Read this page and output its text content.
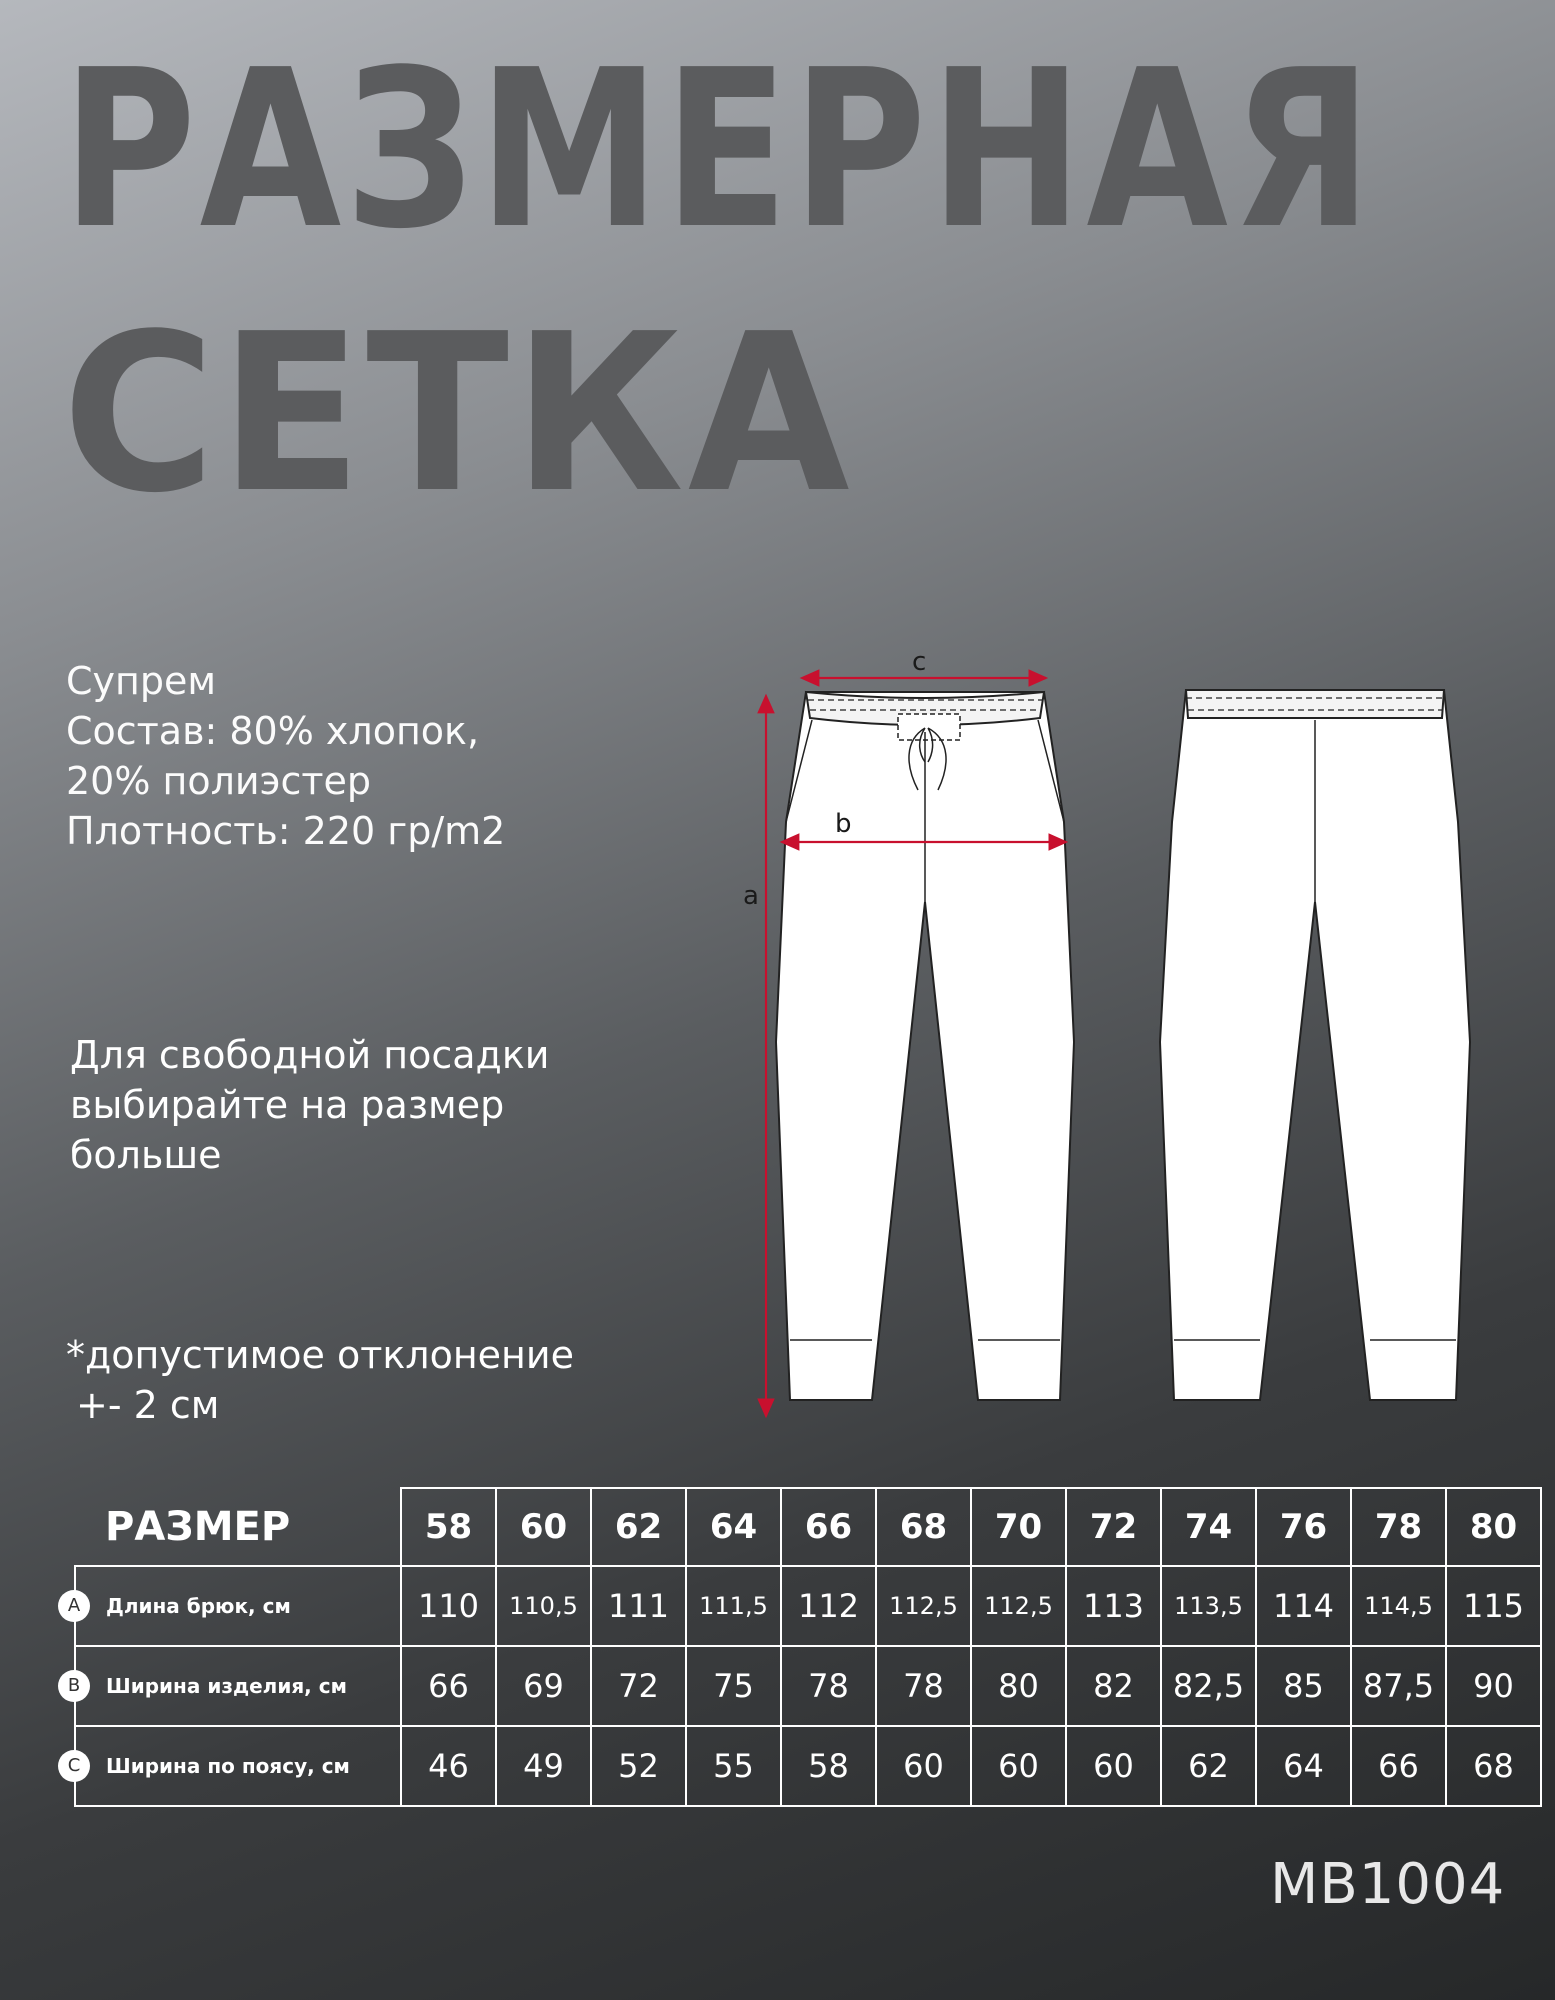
РАЗМЕРНАЯ
СЕТКА
Супрем
Состав: 80% хлопок,
20% полиэстер
Плотность: 220 гр/m2
Для свободной посадки
выбирайте на размер
больше
*допустимое отклонение
+- 2 см
a
c
b
РАЗМЕР	58	60	62	64	66	68	70	72	74	76	78	80

A Длина брюк, см	110	110,5	111	111,5	112	112,5	112,5	113	113,5	114	114,5	115

B Ширина изделия, см	66	69	72	75	78	78	80	82	82,5	85	87,5	90

C Ширина по поясу, см	46	49	52	55	58	60	60	60	62	64	66	68
MB1004
